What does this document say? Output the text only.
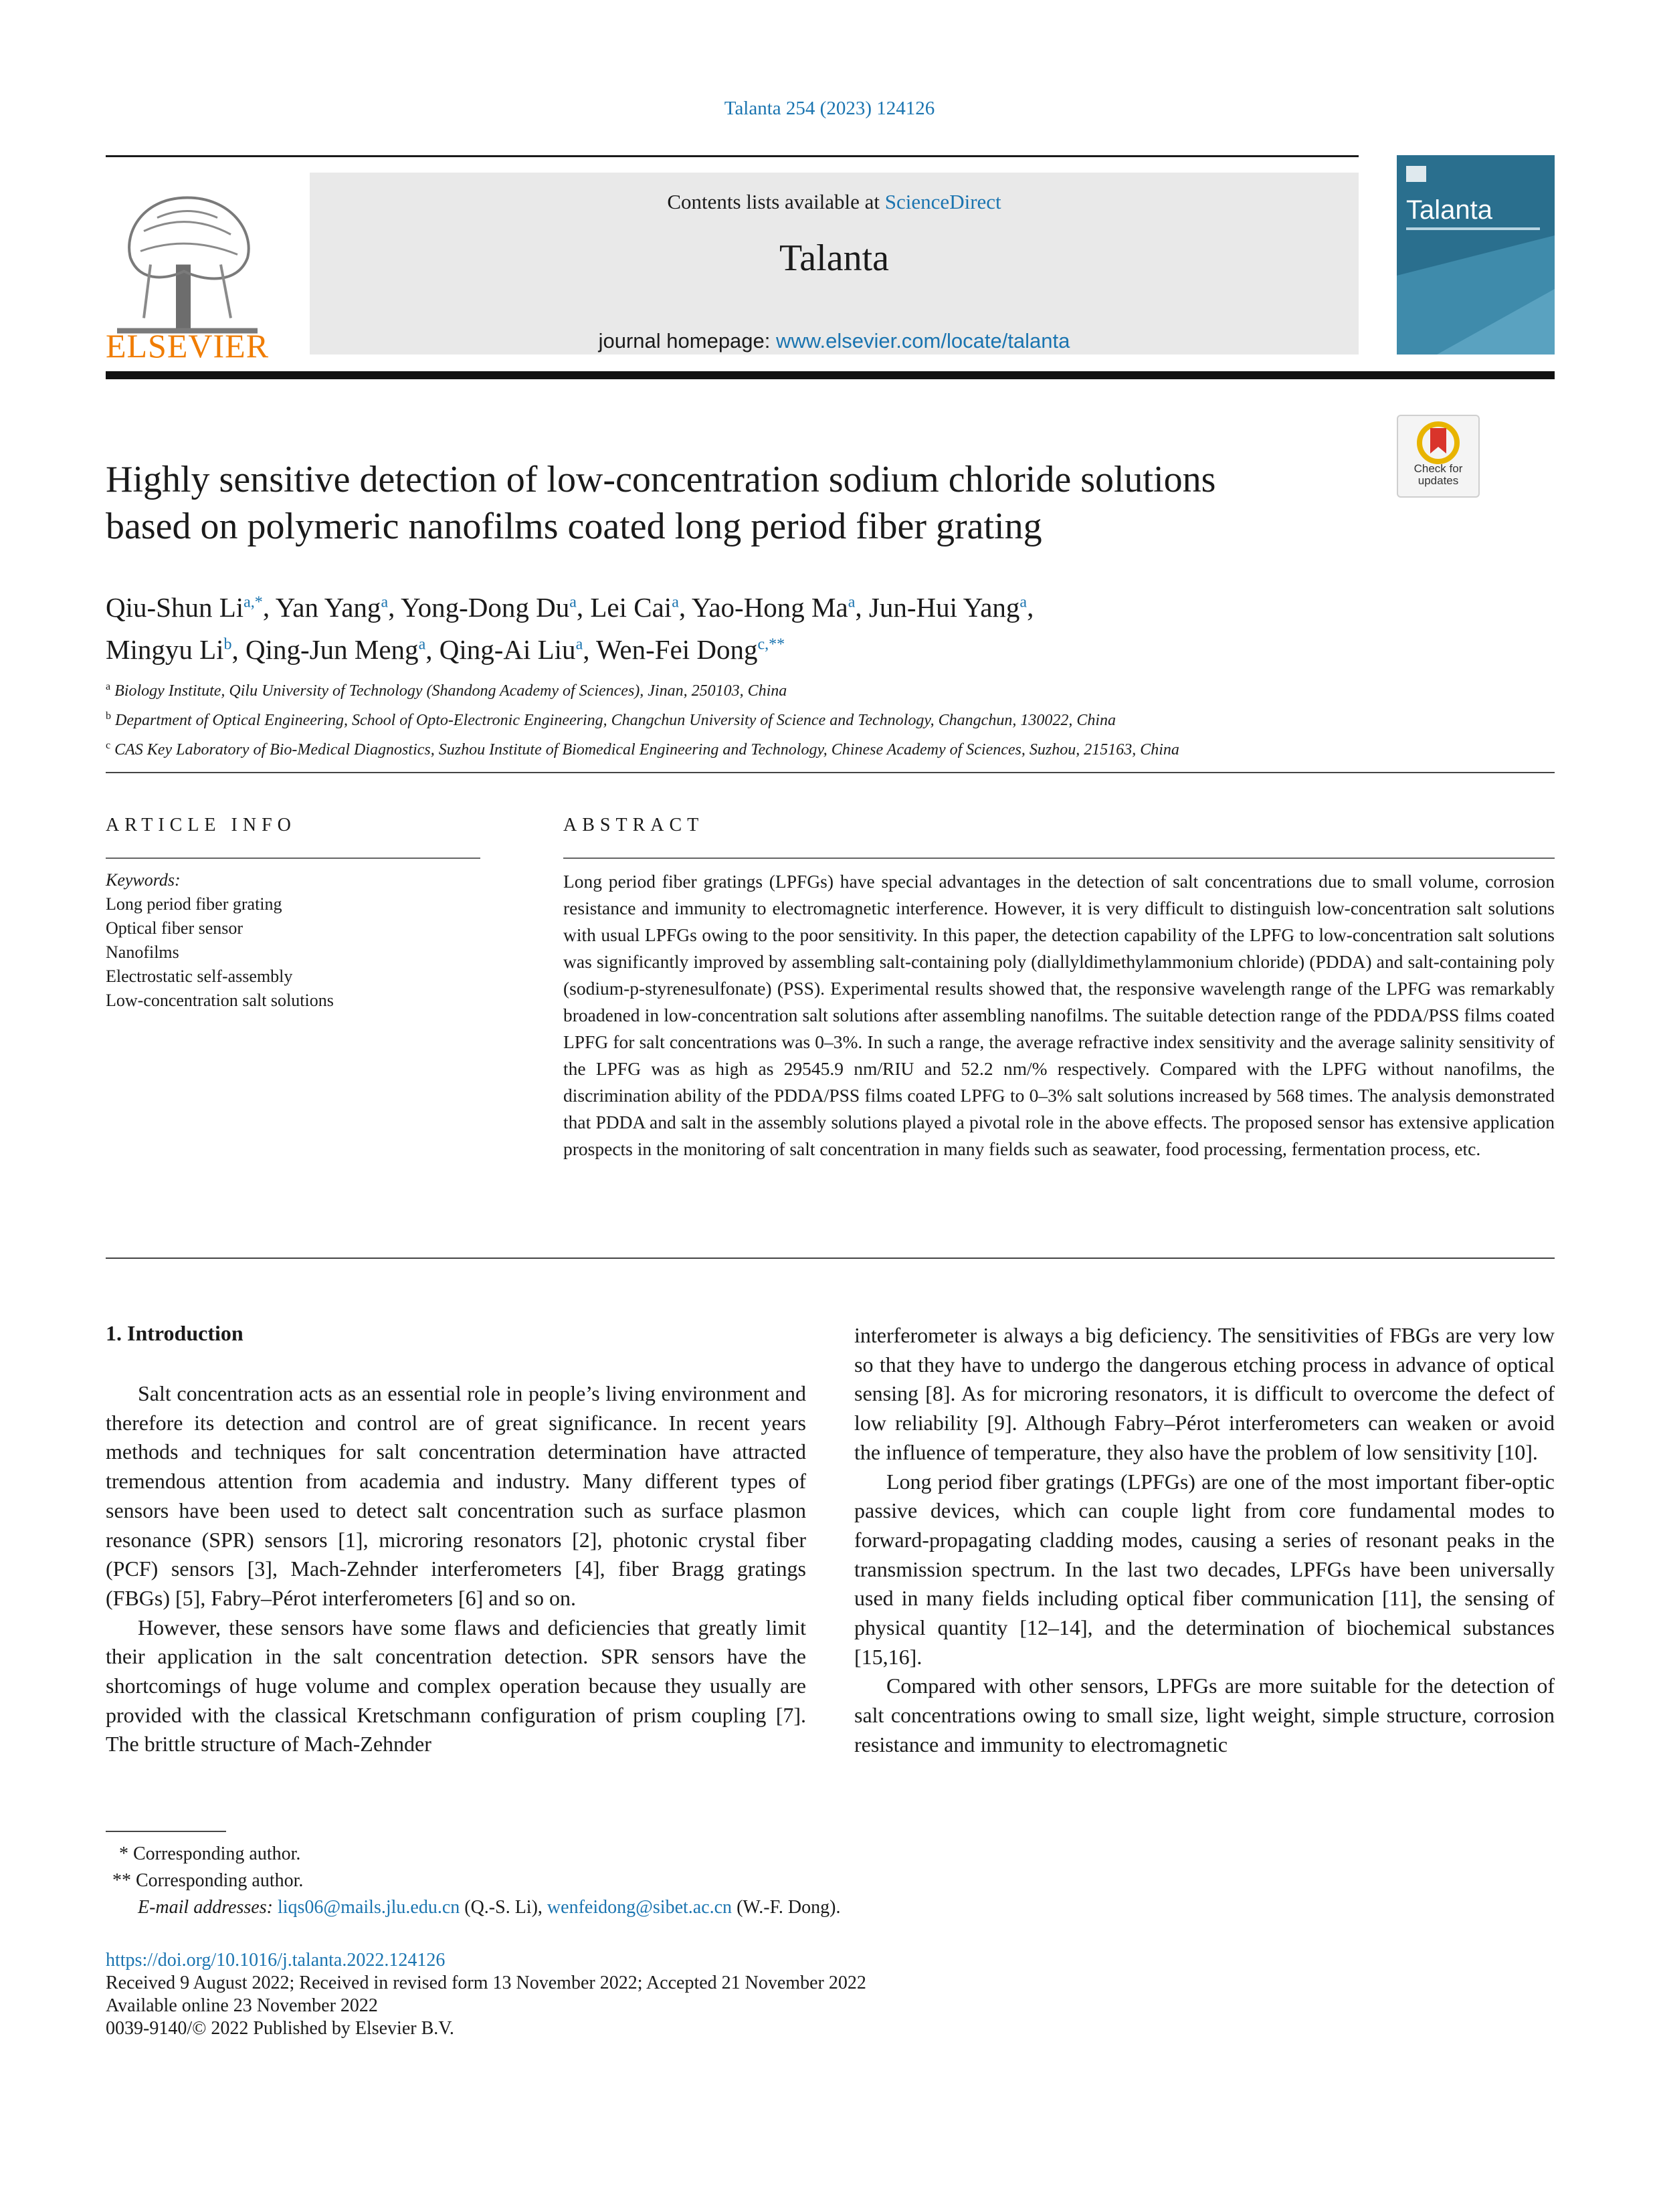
Talanta 254 (2023) 124126
ELSEVIER
Contents lists available at ScienceDirect
Talanta
journal homepage: www.elsevier.com/locate/talanta
Talanta
Check for
updates
Highly sensitive detection of low-concentration sodium chloride solutions
based on polymeric nanofilms coated long period fiber grating
Qiu-Shun $Li^{a,*}$, Yan Yang$^a$, Yong-Dong Du$^a$, Lei Cai$^a$, Yao-Hong Ma$^a$, Jun-Hui Yang$^a$,
Mingyu Li$^b$, Qing-Jun Meng$^a$, Qing-Ai Liu$^a$, Wen-Fei Dong$^{c,**}$
$^a$ Biology Institute, Qilu University of Technology (Shandong Academy of Sciences), Jinan, 250103, China
$^b$ Department of Optical Engineering, School of Opto-Electronic Engineering, Changchun University of Science and Technology, Changchun, 130022, China
$^c$ CAS Key Laboratory of Bio-Medical Diagnostics, Suzhou Institute of Biomedical Engineering and Technology, Chinese Academy of Sciences, Suzhou, 215163, China
ARTICLE INFO
Keywords:
Long period fiber grating
Optical fiber sensor
Nanofilms
Electrostatic self-assembly
Low-concentration salt solutions
ABSTRACT
Long period fiber gratings (LPFGs) have special advantages in the detection of salt concentrations due to small volume, corrosion resistance and immunity to electromagnetic interference. However, it is very difficult to distinguish low-concentration salt solutions with usual LPFGs owing to the poor sensitivity. In this paper, the detection capability of the LPFG to low-concentration salt solutions was significantly improved by assembling salt-containing poly (diallyldimethylammonium chloride) (PDDA) and salt-containing poly (sodium-p-styrenesulfonate) (PSS). Experimental results showed that, the responsive wavelength range of the LPFG was remarkably broadened in low-concentration salt solutions after assembling nanofilms. The suitable detection range of the PDDA/PSS films coated LPFG for salt concentrations was 0–3%. In such a range, the average refractive index sensitivity and the average salinity sensitivity of the LPFG was as high as 29545.9 nm/RIU and 52.2 nm/% respectively. Compared with the LPFG without nanofilms, the discrimination ability of the PDDA/PSS films coated LPFG to 0–3% salt solutions increased by 568 times. The analysis demonstrated that PDDA and salt in the assembly solutions played a pivotal role in the above effects. The proposed sensor has extensive application prospects in the monitoring of salt concentration in many fields such as seawater, food processing, fermentation process, etc.
1. Introduction

Salt concentration acts as an essential role in people’s living environment and therefore its detection and control are of great significance. In recent years methods and techniques for salt concentration determination have attracted tremendous attention from academia and industry. Many different types of sensors have been used to detect salt concentration such as surface plasmon resonance (SPR) sensors [1], microring resonators [2], photonic crystal fiber (PCF) sensors [3], Mach-Zehnder interferometers [4], fiber Bragg gratings (FBGs) [5], Fabry–Pérot interferometers [6] and so on.

However, these sensors have some flaws and deficiencies that greatly limit their application in the salt concentration detection. SPR sensors have the shortcomings of huge volume and complex operation because they usually are provided with the classical Kretschmann configuration of prism coupling [7]. The brittle structure of Mach-Zehnder

interferometer is always a big deficiency. The sensitivities of FBGs are very low so that they have to undergo the dangerous etching process in advance of optical sensing [8]. As for microring resonators, it is difficult to overcome the defect of low reliability [9]. Although Fabry–Pérot interferometers can weaken or avoid the influence of temperature, they also have the problem of low sensitivity [10].

Long period fiber gratings (LPFGs) are one of the most important fiber-optic passive devices, which can couple light from core fundamental modes to forward-propagating cladding modes, causing a series of resonant peaks in the transmission spectrum. In the last two decades, LPFGs have been universally used in many fields including optical fiber communication [11], the sensing of physical quantity [12–14], and the determination of biochemical substances [15,16].

Compared with other sensors, LPFGs are more suitable for the detection of salt concentrations owing to small size, light weight, simple structure, corrosion resistance and immunity to electromagnetic

* Corresponding author.
** Corresponding author.
E-mail addresses: liqs06@mails.jlu.edu.cn (Q.-S. Li), wenfeidong@sibet.ac.cn (W.-F. Dong).
https://doi.org/10.1016/j.talanta.2022.124126
Received 9 August 2022; Received in revised form 13 November 2022; Accepted 21 November 2022
Available online 23 November 2022
0039-9140/© 2022 Published by Elsevier B.V.
